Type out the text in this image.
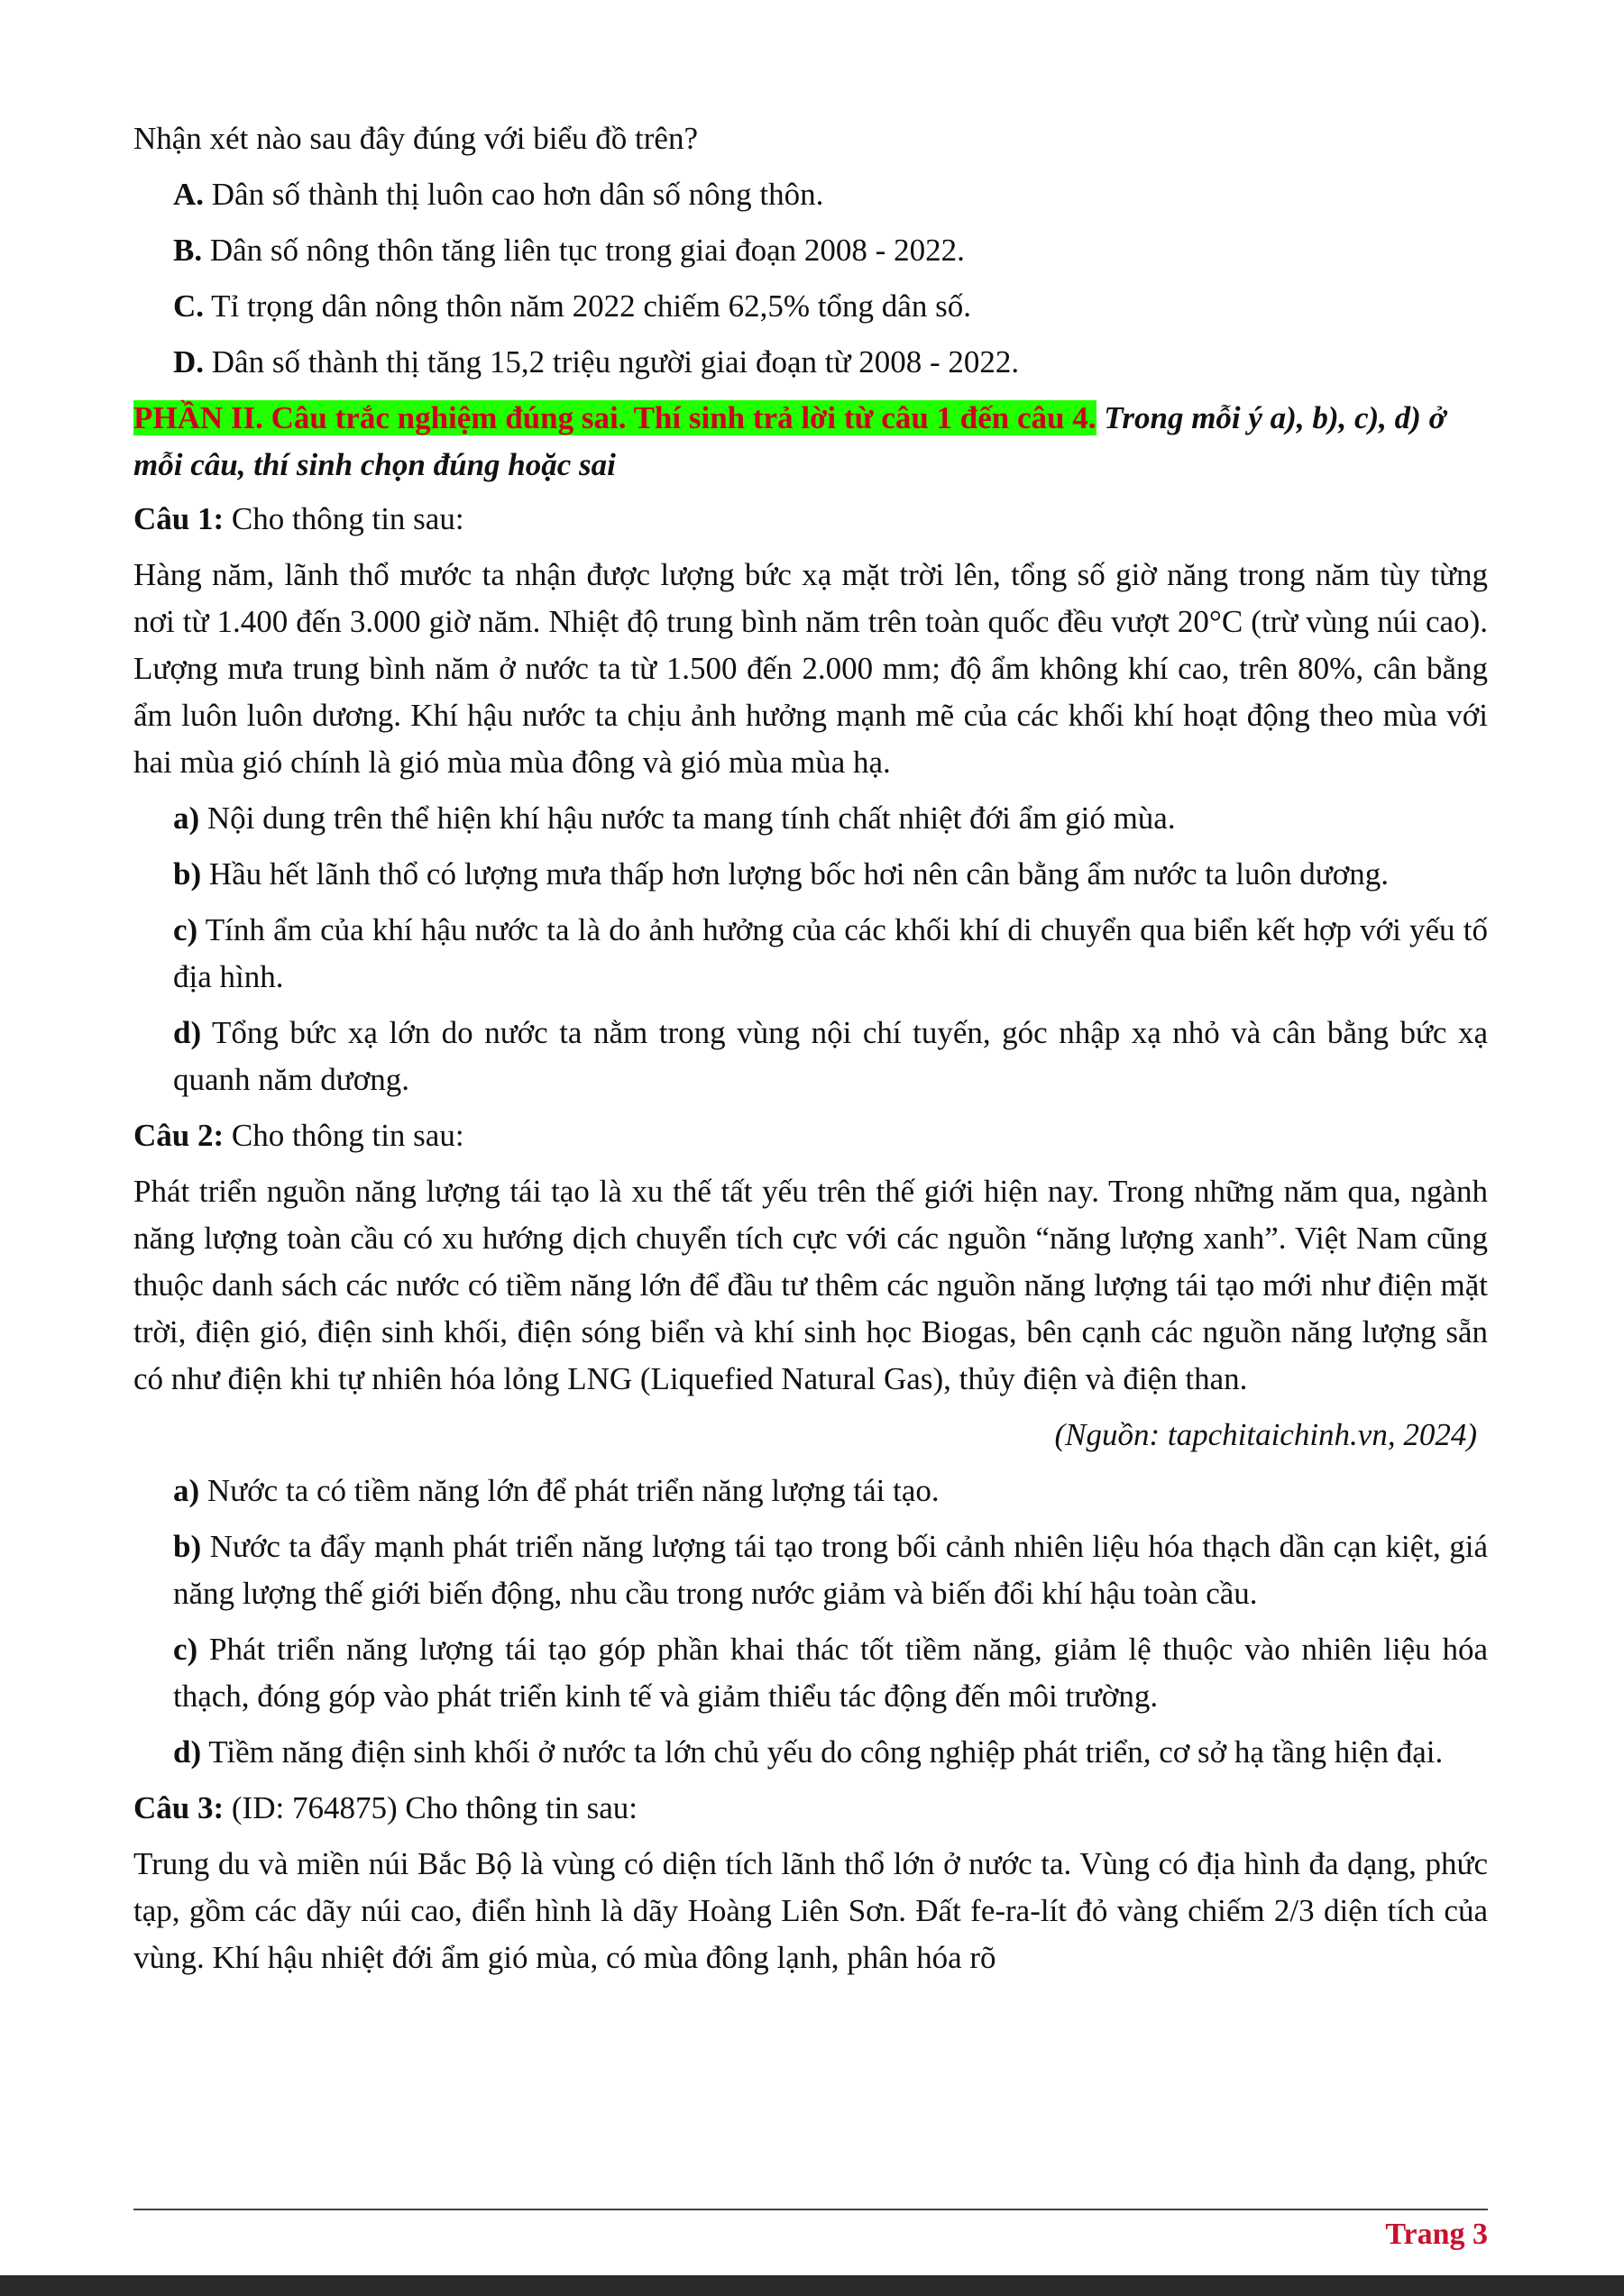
Nhận xét nào sau đây đúng với biểu đồ trên?

A. Dân số thành thị luôn cao hơn dân số nông thôn.

B. Dân số nông thôn tăng liên tục trong giai đoạn 2008 - 2022.

C. Tỉ trọng dân nông thôn năm 2022 chiếm 62,5% tổng dân số.

D. Dân số thành thị tăng 15,2 triệu người giai đoạn từ 2008 - 2022.

PHẦN II. Câu trắc nghiệm đúng sai. Thí sinh trả lời từ câu 1 đến câu 4. Trong mỗi ý a), b), c), d) ở mỗi câu, thí sinh chọn đúng hoặc sai

Câu 1: Cho thông tin sau:

Hàng năm, lãnh thổ mước ta nhận được lượng bức xạ mặt trời lên, tổng số giờ năng trong năm tùy từng nơi từ 1.400 đến 3.000 giờ năm. Nhiệt độ trung bình năm trên toàn quốc đều vượt 20°C (trừ vùng núi cao). Lượng mưa trung bình năm ở nước ta từ 1.500 đến 2.000 mm; độ ẩm không khí cao, trên 80%, cân bằng ẩm luôn luôn dương. Khí hậu nước ta chịu ảnh hưởng mạnh mẽ của các khối khí hoạt động theo mùa với hai mùa gió chính là gió mùa mùa đông và gió mùa mùa hạ.

a) Nội dung trên thể hiện khí hậu nước ta mang tính chất nhiệt đới ẩm gió mùa.

b) Hầu hết lãnh thổ có lượng mưa thấp hơn lượng bốc hơi nên cân bằng ẩm nước ta luôn dương.

c) Tính ẩm của khí hậu nước ta là do ảnh hưởng của các khối khí di chuyển qua biển kết hợp với yếu tố địa hình.

d) Tổng bức xạ lớn do nước ta nằm trong vùng nội chí tuyến, góc nhập xạ nhỏ và cân bằng bức xạ quanh năm dương.

Câu 2: Cho thông tin sau:

Phát triển nguồn năng lượng tái tạo là xu thế tất yếu trên thế giới hiện nay. Trong những năm qua, ngành năng lượng toàn cầu có xu hướng dịch chuyển tích cực với các nguồn “năng lượng xanh”. Việt Nam cũng thuộc danh sách các nước có tiềm năng lớn để đầu tư thêm các nguồn năng lượng tái tạo mới như điện mặt trời, điện gió, điện sinh khối, điện sóng biển và khí sinh học Biogas, bên cạnh các nguồn năng lượng sẵn có như điện khi tự nhiên hóa lỏng LNG (Liquefied Natural Gas), thủy điện và điện than.

(Nguồn: tapchitaichinh.vn, 2024)

a) Nước ta có tiềm năng lớn để phát triển năng lượng tái tạo.

b) Nước ta đẩy mạnh phát triển năng lượng tái tạo trong bối cảnh nhiên liệu hóa thạch dần cạn kiệt, giá năng lượng thế giới biến động, nhu cầu trong nước giảm và biến đổi khí hậu toàn cầu.

c) Phát triển năng lượng tái tạo góp phần khai thác tốt tiềm năng, giảm lệ thuộc vào nhiên liệu hóa thạch, đóng góp vào phát triển kinh tế và giảm thiểu tác động đến môi trường.

d) Tiềm năng điện sinh khối ở nước ta lớn chủ yếu do công nghiệp phát triển, cơ sở hạ tầng hiện đại.

Câu 3: (ID: 764875) Cho thông tin sau:

Trung du và miền núi Bắc Bộ là vùng có diện tích lãnh thổ lớn ở nước ta. Vùng có địa hình đa dạng, phức tạp, gồm các dãy núi cao, điển hình là dãy Hoàng Liên Sơn. Đất fe-ra-lít đỏ vàng chiếm 2/3 diện tích của vùng. Khí hậu nhiệt đới ẩm gió mùa, có mùa đông lạnh, phân hóa rõ

Trang 3
